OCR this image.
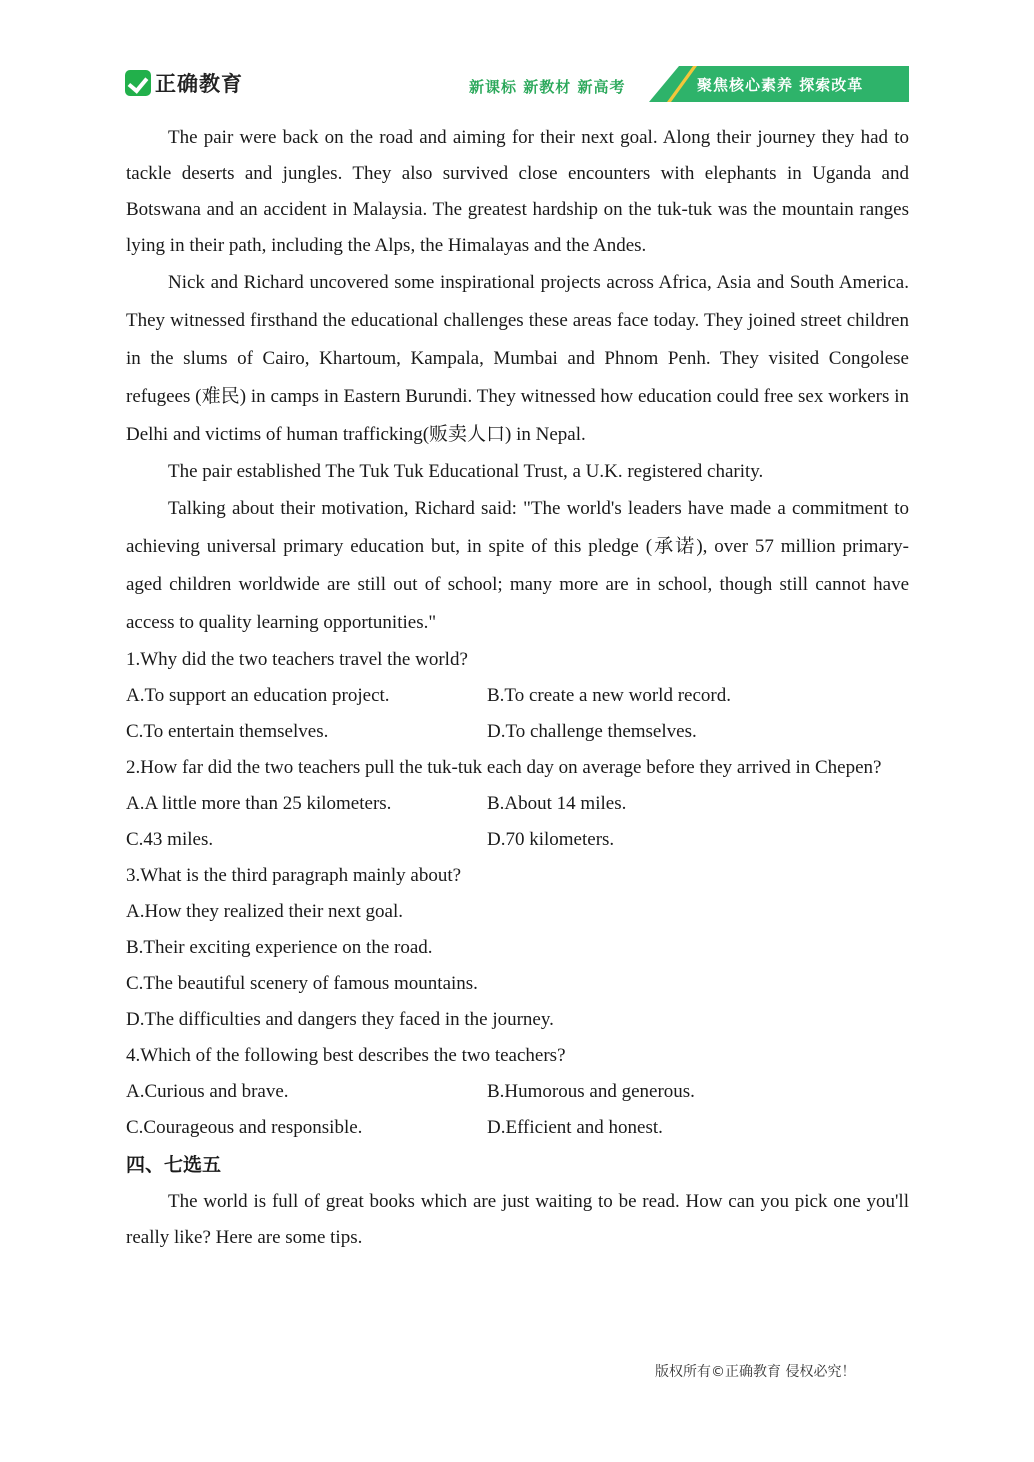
正确教育	新课标 新教材 新高考	聚焦核心素养 探索改革

The pair were back on the road and aiming for their next goal. Along their journey they had to tackle deserts and jungles. They also survived close encounters with elephants in Uganda and Botswana and an accident in Malaysia. The greatest hardship on the tuk-tuk was the mountain ranges lying in their path, including the Alps, the Himalayas and the Andes.

Nick and Richard uncovered some inspirational projects across Africa, Asia and South America. They witnessed firsthand the educational challenges these areas face today. They joined street children in the slums of Cairo, Khartoum, Kampala, Mumbai and Phnom Penh. They visited Congolese refugees (难民) in camps in Eastern Burundi. They witnessed how education could free sex workers in Delhi and victims of human trafficking(贩卖人口) in Nepal.

The pair established The Tuk Tuk Educational Trust, a U.K. registered charity.

Talking about their motivation, Richard said: "The world's leaders have made a commitment to achieving universal primary education but, in spite of this pledge (承诺), over 57 million primary-aged children worldwide are still out of school; many more are in school, though still cannot have access to quality learning opportunities."

1.Why did the two teachers travel the world?

A.To support an education project.	B.To create a new world record.
C.To entertain themselves.	D.To challenge themselves.

2.How far did the two teachers pull the tuk-tuk each day on average before they arrived in Chepen?

A.A little more than 25 kilometers.	B.About 14 miles.
C.43 miles.	D.70 kilometers.

3.What is the third paragraph mainly about?

A.How they realized their next goal.

B.Their exciting experience on the road.

C.The beautiful scenery of famous mountains.

D.The difficulties and dangers they faced in the journey.

4.Which of the following best describes the two teachers?

A.Curious and brave.	B.Humorous and generous.
C.Courageous and responsible.	D.Efficient and honest.

四、七选五

The world is full of great books which are just waiting to be read. How can you pick one you'll really like? Here are some tips.

版权所有©正确教育 侵权必究！
